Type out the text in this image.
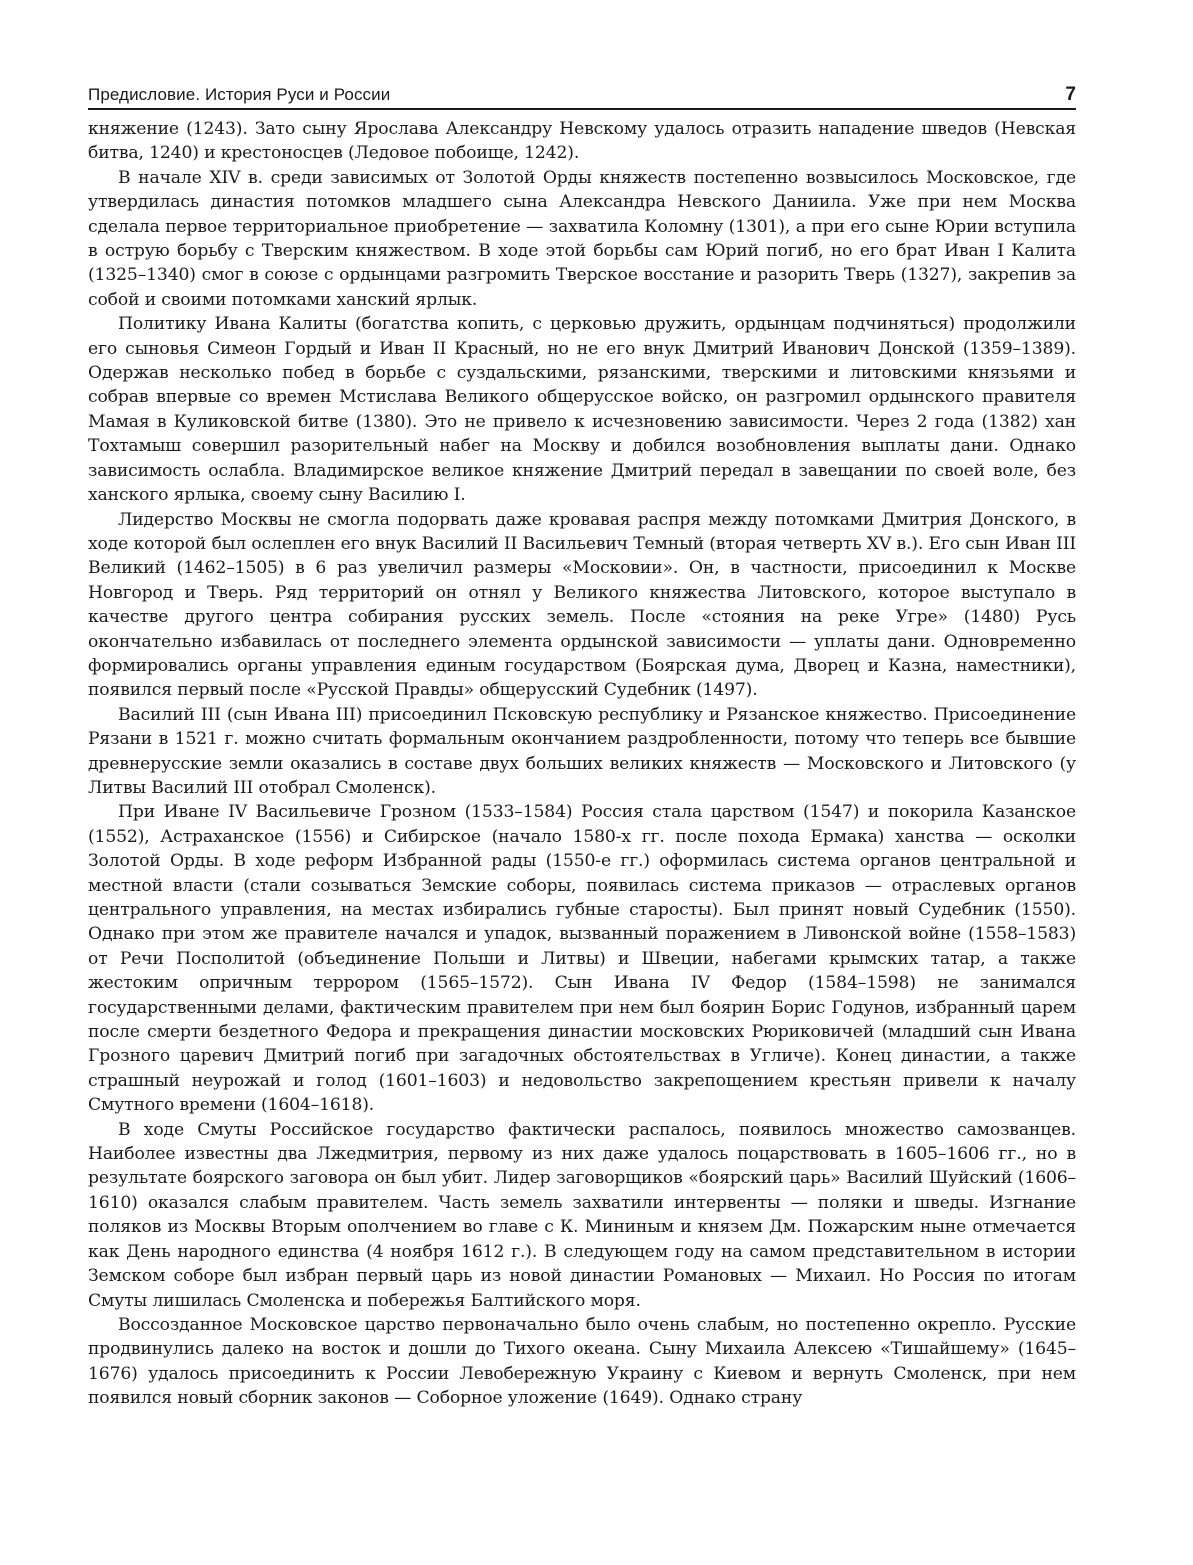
Предисловие. История Руси и России	7

княжение (1243). Зато сыну Ярослава Александру Невскому удалось отразить нападение шведов (Невская битва, 1240) и крестоносцев (Ледовое побоище, 1242).

В начале XIV в. среди зависимых от Золотой Орды княжеств постепенно возвысилось Московское, где утвердилась династия потомков младшего сына Александра Невского Даниила. Уже при нем Москва сделала первое территориальное приобретение — захватила Коломну (1301), а при его сыне Юрии вступила в острую борьбу с Тверским княжеством. В ходе этой борьбы сам Юрий погиб, но его брат Иван I Калита (1325–1340) смог в союзе с ордынцами разгромить Тверское восстание и разорить Тверь (1327), закрепив за собой и своими потомками ханский ярлык.

Политику Ивана Калиты (богатства копить, с церковью дружить, ордынцам подчиняться) продолжили его сыновья Симеон Гордый и Иван II Красный, но не его внук Дмитрий Иванович Донской (1359–1389). Одержав несколько побед в борьбе с суздальскими, рязанскими, тверскими и литовскими князьями и собрав впервые со времен Мстислава Великого общерусское войско, он разгромил ордынского правителя Мамая в Куликовской битве (1380). Это не привело к исчезновению зависимости. Через 2 года (1382) хан Тохтамыш совершил разорительный набег на Москву и добился возобновления выплаты дани. Однако зависимость ослабла. Владимирское великое княжение Дмитрий передал в завещании по своей воле, без ханского ярлыка, своему сыну Василию I.

Лидерство Москвы не смогла подорвать даже кровавая распря между потомками Дмитрия Донского, в ходе которой был ослеплен его внук Василий II Васильевич Темный (вторая четверть XV в.). Его сын Иван III Великий (1462–1505) в 6 раз увеличил размеры «Московии». Он, в частности, присоединил к Москве Новгород и Тверь. Ряд территорий он отнял у Великого княжества Литовского, которое выступало в качестве другого центра собирания русских земель. После «стояния на реке Угре» (1480) Русь окончательно избавилась от последнего элемента ордынской зависимости — уплаты дани. Одновременно формировались органы управления единым государством (Боярская дума, Дворец и Казна, наместники), появился первый после «Русской Правды» общерусский Судебник (1497).

Василий III (сын Ивана III) присоединил Псковскую республику и Рязанское княжество. Присоединение Рязани в 1521 г. можно считать формальным окончанием раздробленности, потому что теперь все бывшие древнерусские земли оказались в составе двух больших великих княжеств — Московского и Литовского (у Литвы Василий III отобрал Смоленск).

При Иване IV Васильевиче Грозном (1533–1584) Россия стала царством (1547) и покорила Казанское (1552), Астраханское (1556) и Сибирское (начало 1580-х гг. после похода Ермака) ханства — осколки Золотой Орды. В ходе реформ Избранной рады (1550-е гг.) оформилась система органов центральной и местной власти (стали созываться Земские соборы, появилась система приказов — отраслевых органов центрального управления, на местах избирались губные старосты). Был принят новый Судебник (1550). Однако при этом же правителе начался и упадок, вызванный поражением в Ливонской войне (1558–1583) от Речи Посполитой (объединение Польши и Литвы) и Швеции, набегами крымских татар, а также жестоким опричным террором (1565–1572). Сын Ивана IV Федор (1584–1598) не занимался государственными делами, фактическим правителем при нем был боярин Борис Годунов, избранный царем после смерти бездетного Федора и прекращения династии московских Рюриковичей (младший сын Ивана Грозного царевич Дмитрий погиб при загадочных обстоятельствах в Угличе). Конец династии, а также страшный неурожай и голод (1601–1603) и недовольство закрепощением крестьян привели к началу Смутного времени (1604–1618).

В ходе Смуты Российское государство фактически распалось, появилось множество самозванцев. Наиболее известны два Лжедмитрия, первому из них даже удалось поцарствовать в 1605–1606 гг., но в результате боярского заговора он был убит. Лидер заговорщиков «боярский царь» Василий Шуйский (1606–1610) оказался слабым правителем. Часть земель захватили интервенты — поляки и шведы. Изгнание поляков из Москвы Вторым ополчением во главе с К. Мининым и князем Дм. Пожарским ныне отмечается как День народного единства (4 ноября 1612 г.). В следующем году на самом представительном в истории Земском соборе был избран первый царь из новой династии Романовых — Михаил. Но Россия по итогам Смуты лишилась Смоленска и побережья Балтийского моря.

Воссозданное Московское царство первоначально было очень слабым, но постепенно окрепло. Русские продвинулись далеко на восток и дошли до Тихого океана. Сыну Михаила Алексею «Тишайшему» (1645–1676) удалось присоединить к России Левобережную Украину с Киевом и вернуть Смоленск, при нем появился новый сборник законов — Соборное уложение (1649). Однако страну
